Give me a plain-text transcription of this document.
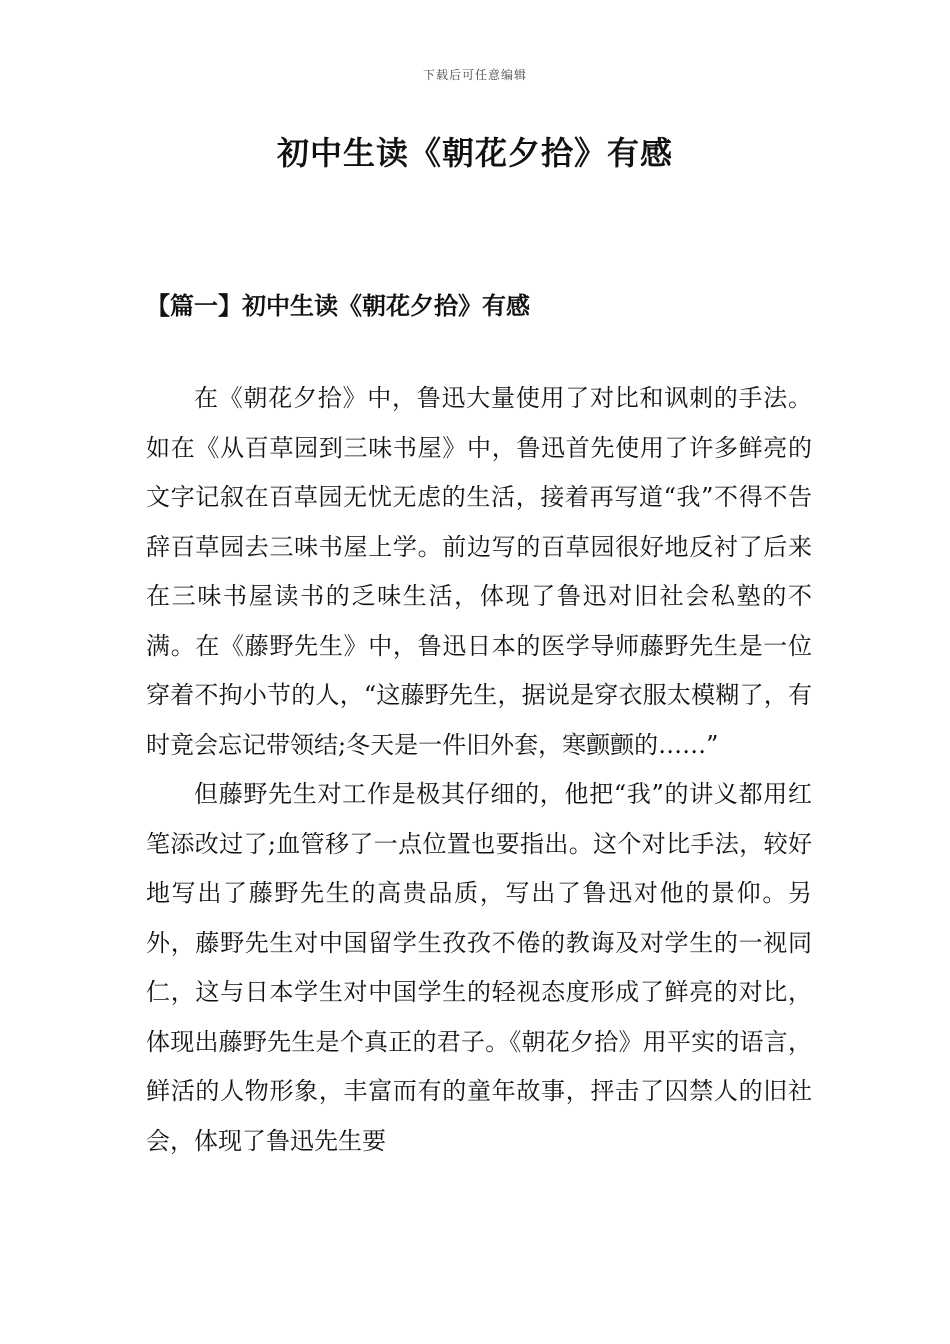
下载后可任意编辑
初中生读《朝花夕拾》有感
【篇一】初中生读《朝花夕拾》有感

在《朝花夕拾》中，鲁迅大量使用了对比和讽刺的手法。如在《从百草园到三味书屋》中，鲁迅首先使用了许多鲜亮的文字记叙在百草园无忧无虑的生活，接着再写道“我”不得不告辞百草园去三味书屋上学。前边写的百草园很好地反衬了后来在三味书屋读书的乏味生活，体现了鲁迅对旧社会私塾的不满。在《藤野先生》中，鲁迅日本的医学导师藤野先生是一位穿着不拘小节的人，“这藤野先生，据说是穿衣服太模糊了，有时竟会忘记带领结;冬天是一件旧外套，寒颤颤的……”

但藤野先生对工作是极其仔细的，他把“我”的讲义都用红笔添改过了;血管移了一点位置也要指出。这个对比手法，较好地写出了藤野先生的高贵品质，写出了鲁迅对他的景仰。另外，藤野先生对中国留学生孜孜不倦的教诲及对学生的一视同仁，这与日本学生对中国学生的轻视态度形成了鲜亮的对比，体现出藤野先生是个真正的君子。《朝花夕拾》用平实的语言，鲜活的人物形象，丰富而有的童年故事，抨击了囚禁人的旧社会，体现了鲁迅先生要
